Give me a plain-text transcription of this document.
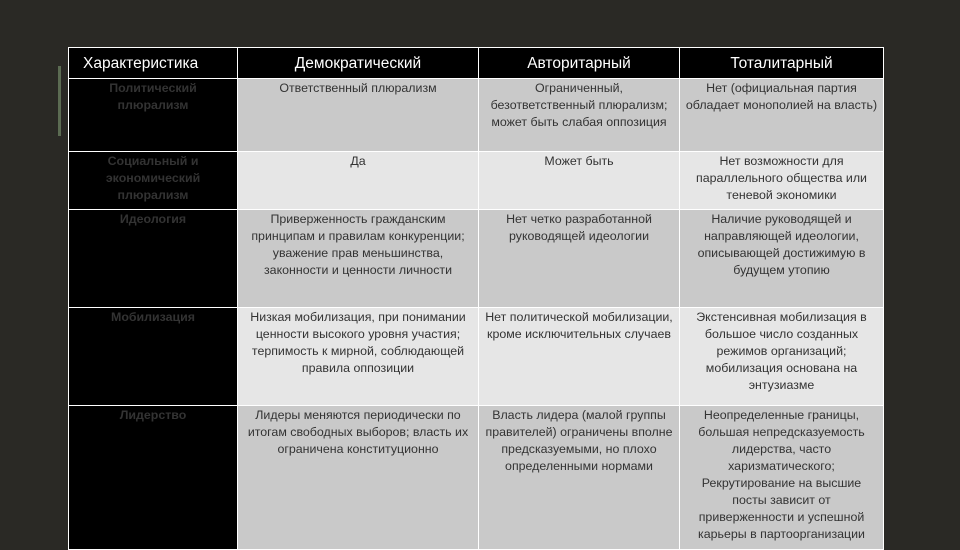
Характеристика	Демократический	Авторитарный	Тоталитарный
Политический плюрализм	Ответственный плюрализм	Ограниченный, безответственный плюрализм; может быть слабая оппозиция	Нет (официальная партия обладает монополией на власть)
Социальный и экономический плюрализм	Да	Может быть	Нет возможности для параллельного общества или теневой экономики
Идеология	Приверженность гражданским принципам и правилам конкуренции; уважение прав меньшинства, законности и ценности личности	Нет четко разработанной руководящей идеологии	Наличие руководящей и направляющей идеологии, описывающей достижимую в будущем утопию
Мобилизация	Низкая мобилизация, при понимании ценности высокого уровня участия; терпимость к мирной, соблюдающей правила оппозиции	Нет политической мобилизации, кроме исключительных случаев	Экстенсивная мобилизация в большое число созданных режимов организаций; мобилизация основана на энтузиазме
Лидерство	Лидеры меняются периодически по итогам свободных выборов; власть их ограничена конституционно	Власть лидера (малой группы правителей) ограничены вполне предсказуемыми, но плохо определенными нормами	Неопределенные границы, большая непредсказуемость лидерства, часто харизматического; Рекрутирование на высшие посты зависит от приверженности и успешной карьеры в партоорганизации
